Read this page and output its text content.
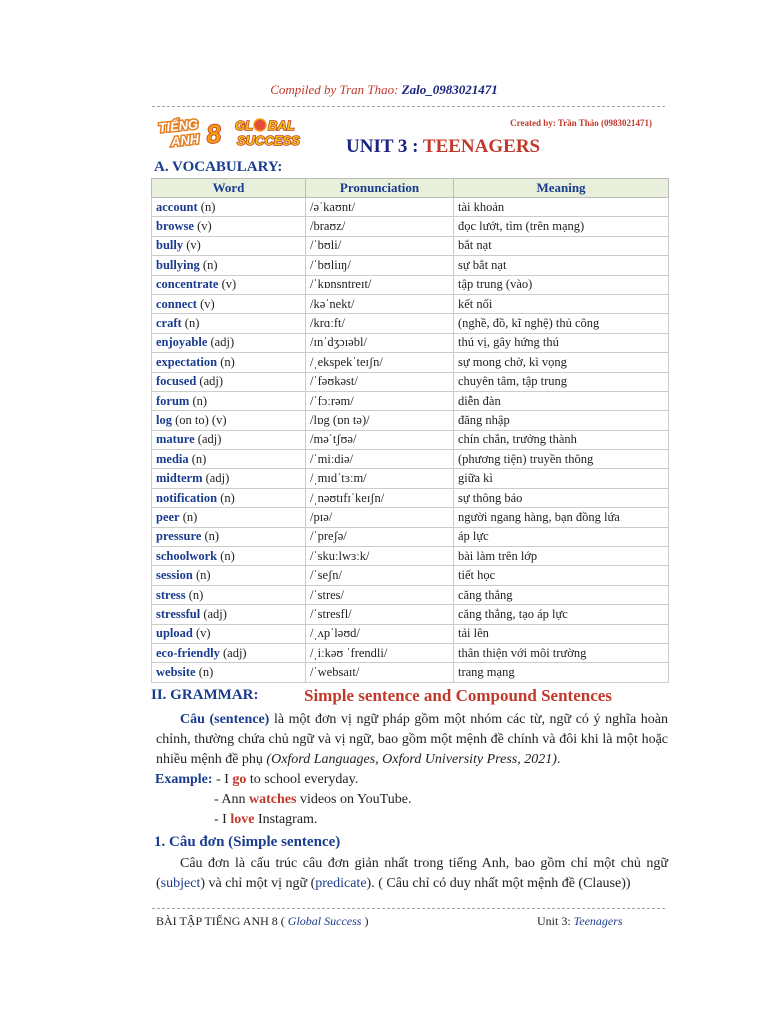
Compiled by Tran Thao: Zalo_0983021471
TIẾNG
ANH 8 GL BAL
SUCCESS
Created by: Trần Thảo (0983021471)
UNIT 3 : TEENAGERS
A. VOCABULARY:
Word	Pronunciation	Meaning
account (n)	/əˈkaʊnt/	tài khoản
browse (v)	/braʊz/	đọc lướt, tìm (trên mạng)
bully (v)	/ˈbʊli/	bắt nạt
bullying (n)	/ˈbʊliɪŋ/	sự bắt nạt
concentrate (v)	/ˈkɒnsntreɪt/	tập trung (vào)
connect (v)	/kəˈnekt/	kết nối
craft (n)	/krɑːft/	(nghề, đồ, kĩ nghệ) thủ công
enjoyable (adj)	/ɪnˈdʒɔɪəbl/	thú vị, gây hứng thú
expectation (n)	/ˌekspekˈteɪʃn/	sự mong chờ, kì vọng
focused (adj)	/ˈfəʊkəst/	chuyên tâm, tập trung
forum (n)	/ˈfɔːrəm/	diễn đàn
log (on to) (v)	/lɒg (ɒn tə)/	đăng nhập
mature (adj)	/məˈtʃʊə/	chín chắn, trưởng thành
media (n)	/ˈmiːdiə/	(phương tiện) truyền thông
midterm (adj)	/ˌmɪdˈtɜːm/	giữa kì
notification (n)	/ˌnəʊtɪfɪˈkeɪʃn/	sự thông báo
peer (n)	/pɪə/	người ngang hàng, bạn đồng lứa
pressure (n)	/ˈpreʃə/	áp lực
schoolwork (n)	/ˈskuːlwɜːk/	bài làm trên lớp
session (n)	/ˈseʃn/	tiết học
stress (n)	/ˈstres/	căng thẳng
stressful (adj)	/ˈstresfl/	căng thẳng, tạo áp lực
upload (v)	/ˌʌpˈləʊd/	tải lên
eco-friendly (adj)	/ˌiːkəʊ ˈfrendli/	thân thiện với môi trường
website (n)	/ˈwebsaɪt/	trang mạng
II. GRAMMAR:	Simple sentence and Compound Sentences
Câu (sentence) là một đơn vị ngữ pháp gồm một nhóm các từ, ngữ có ý nghĩa hoàn chỉnh, thường chứa chủ ngữ và vị ngữ, bao gồm một mệnh đề chính và đôi khi là một hoặc nhiều mệnh đề phụ (Oxford Languages, Oxford University Press, 2021).
Example: - I go to school everyday.
- Ann watches videos on YouTube.
- I love Instagram.
1. Câu đơn (Simple sentence)
Câu đơn là cấu trúc câu đơn giản nhất trong tiếng Anh, bao gồm chỉ một chủ ngữ (subject) và chỉ một vị ngữ (predicate). ( Câu chỉ có duy nhất một mệnh đề (Clause))
BÀI TẬP TIẾNG ANH 8 ( Global Success )	Unit 3: Teenagers
